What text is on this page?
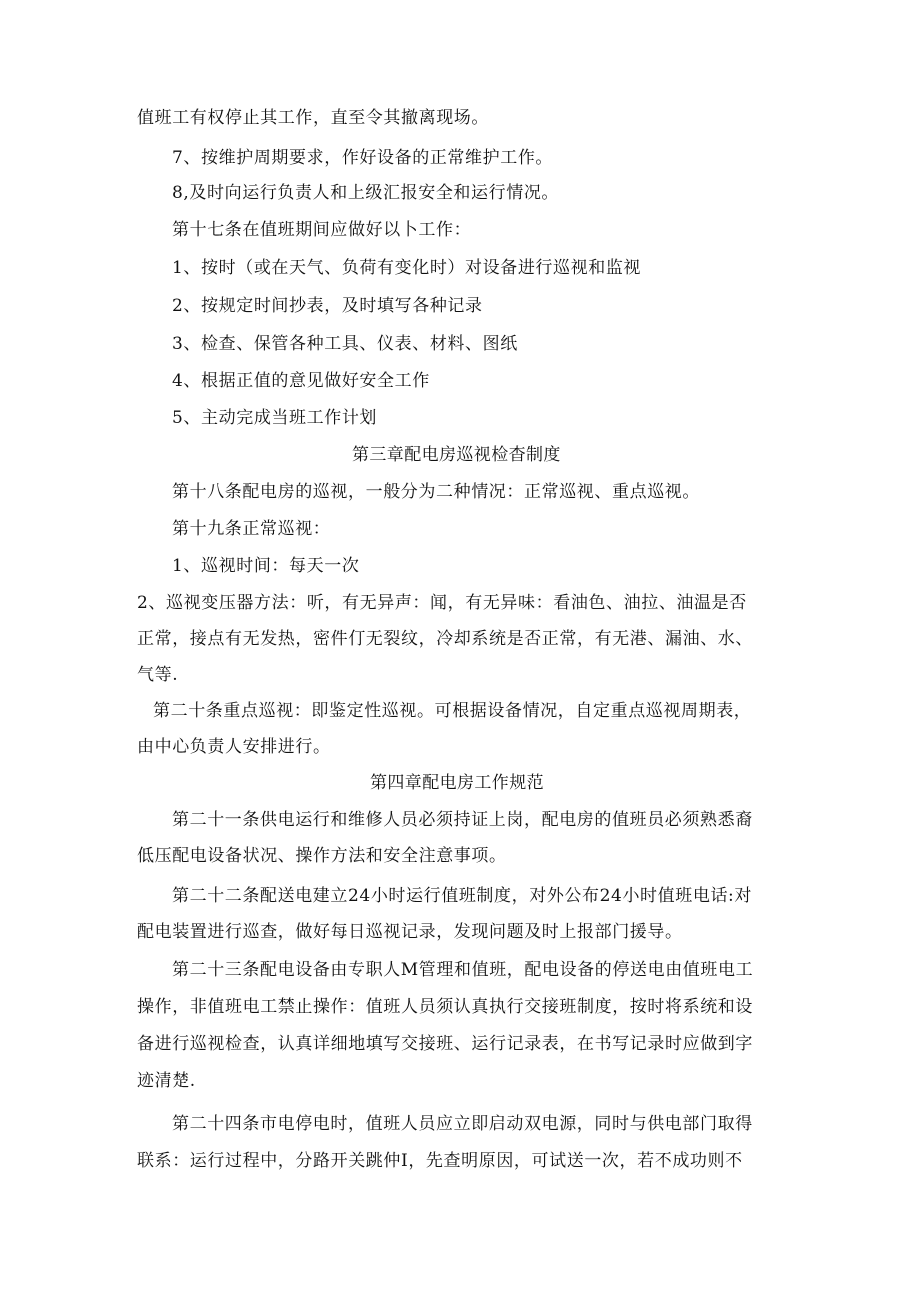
值班工有权停止其工作，直至令其撤离现场。
7、按维护周期要求，作好设备的正常维护工作。
8,及时向运行负责人和上级汇报安全和运行情况。
第十七条在值班期间应做好以卜工作：
1、按时（或在天气、负荷有变化时）对设备进行巡视和监视
2、按规定时间抄表，及时填写各种记录
3、检查、保管各种工具、仪表、材料、图纸
4、根据正值的意见做好安全工作
5、主动完成当班工作计划
第三章配电房巡视检杳制度
第十八条配电房的巡视，一般分为二种情况：正常巡视、重点巡视。
第十九条正常巡视：
1、巡视时间：每天一次
2、巡视变压器方法：听，有无异声：闻，有无异味：看油色、油拉、油温是否
正常，接点有无发热，密件仃无裂纹，冷却系统是否正常，有无港、漏油、水、
气等.
第二十条重点巡视：即鉴定性巡视。可根据设备情况，自定重点巡视周期表，
由中心负责人安排进行。
第四章配电房工作规范
第二十一条供电运行和维修人员必须持证上岗，配电房的值班员必须熟悉裔
低压配电设备状况、操作方法和安全注意事项。
第二十二条配送电建立24小时运行值班制度，对外公布24小时值班电话:对
配电装置进行巡查，做好每日巡视记录，发现问题及时上报部门援导。
第二十三条配电设备由专职人M管理和值班，配电设备的停送电由值班电工
操作，非值班电工禁止操作：值班人员须认真执行交接班制度，按时将系统和设
备进行巡视检查，认真详细地填写交接班、运行记录表，在书写记录时应做到字
迹清楚.
第二十四条市电停电时，值班人员应立即启动双电源，同时与供电部门取得
联系：运行过程中，分路开关跳仲I，先查明原因，可试送一次，若不成功则不
